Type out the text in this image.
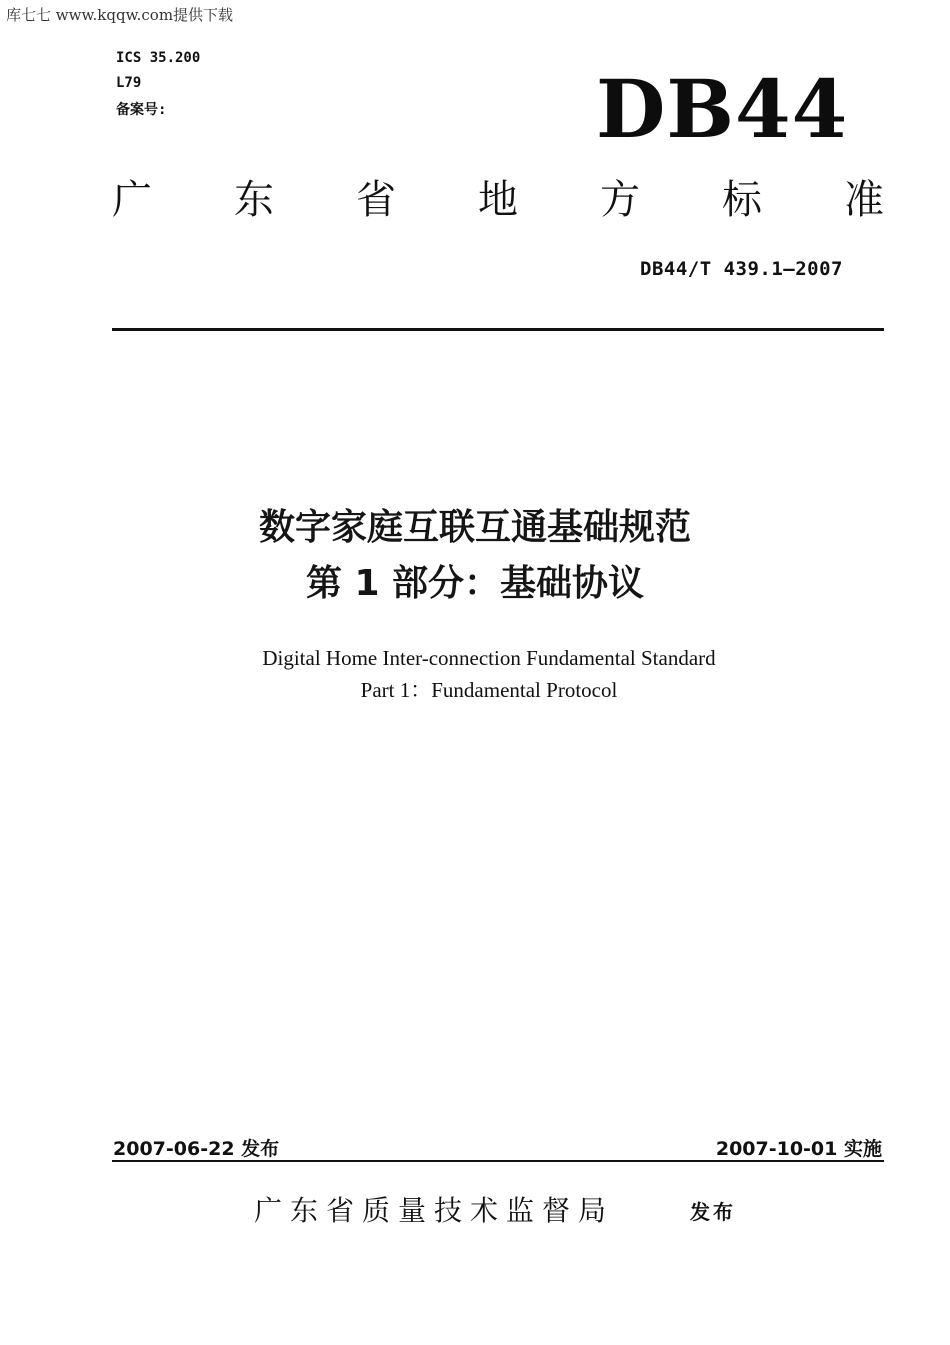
库七七 www.kqqw.com提供下载
ICS 35.200
L79
备案号:	DB44
广 东 省 地 方 标 准
DB44/T 439.1—2007
数字家庭互联互通基础规范
第 1 部分：基础协议
Digital Home Inter-connection Fundamental Standard
Part 1：Fundamental Protocol
2007-06-22 发布	2007-10-01 实施
广东省质量技术监督局	发布
